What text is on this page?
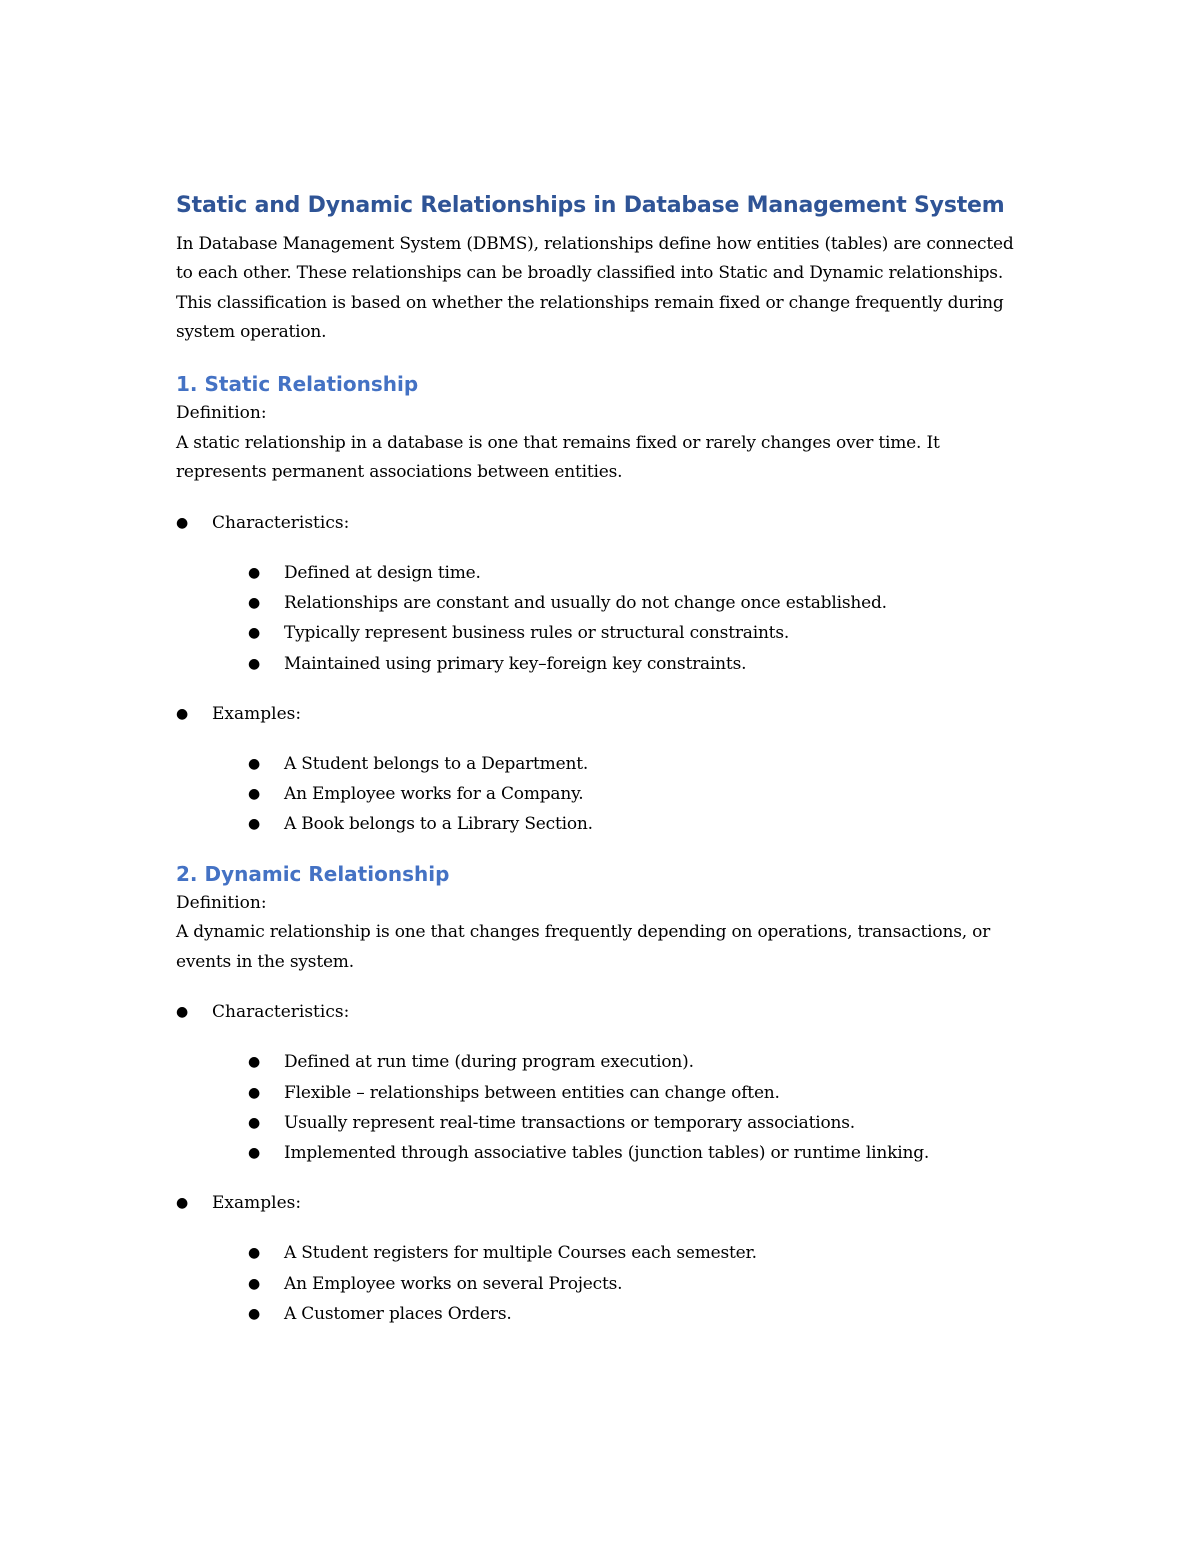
Static and Dynamic Relationships in Database Management System

In Database Management System (DBMS), relationships define how entities (tables) are connected to each other. These relationships can be broadly classified into Static and Dynamic relationships. This classification is based on whether the relationships remain fixed or change frequently during system operation.

1. Static Relationship

Definition:

A static relationship in a database is one that remains fixed or rarely changes over time. It represents permanent associations between entities.

● Characteristics:
● Defined at design time.
● Relationships are constant and usually do not change once established.
● Typically represent business rules or structural constraints.
● Maintained using primary key–foreign key constraints.
● Examples:
● A Student belongs to a Department.
● An Employee works for a Company.
● A Book belongs to a Library Section.
2. Dynamic Relationship

Definition:

A dynamic relationship is one that changes frequently depending on operations, transactions, or events in the system.

● Characteristics:
● Defined at run time (during program execution).
● Flexible – relationships between entities can change often.
● Usually represent real-time transactions or temporary associations.
● Implemented through associative tables (junction tables) or runtime linking.
● Examples:
● A Student registers for multiple Courses each semester.
● An Employee works on several Projects.
● A Customer places Orders.
